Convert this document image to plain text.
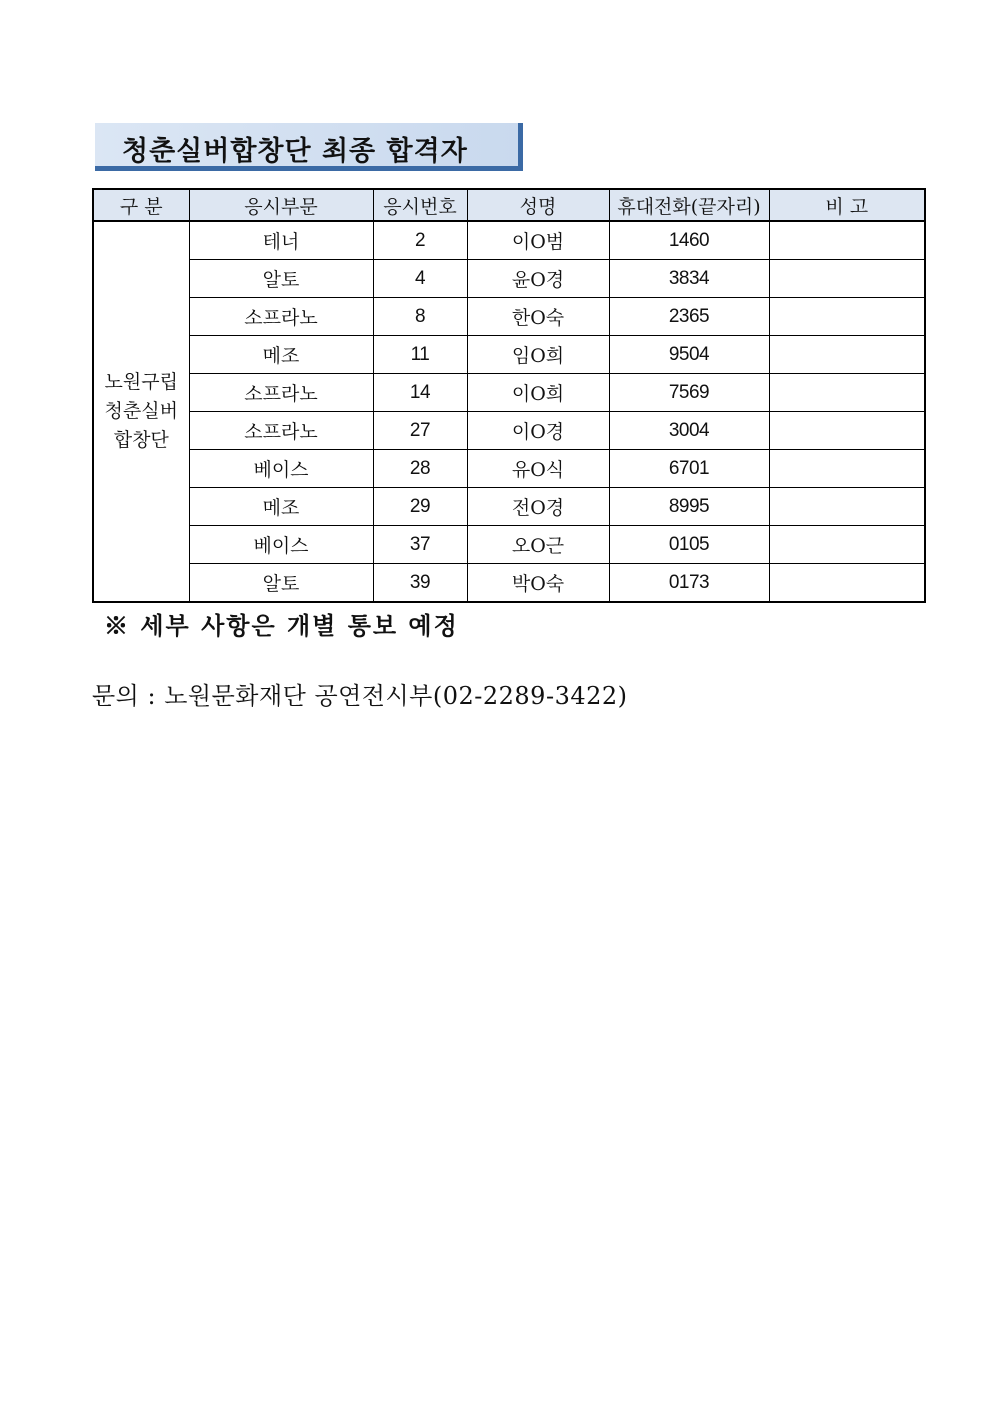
청춘실버합창단 최종 합격자
구 분	응시부문	응시번호	성명	휴대전화(끝자리)	비 고

노원구립
청춘실버
합창단	테너	2	이O범	1460	
	알토	4	윤O경	3834	
	소프라노	8	한O숙	2365	
	메조	11	임O희	9504	
	소프라노	14	이O희	7569	
	소프라노	27	이O경	3004	
	베이스	28	유O식	6701	
	메조	29	전O경	8995	
	베이스	37	오O근	0105	
	알토	39	박O숙	0173	
※ 세부 사항은 개별 통보 예정
문의 : 노원문화재단 공연전시부(02-2289-3422)
